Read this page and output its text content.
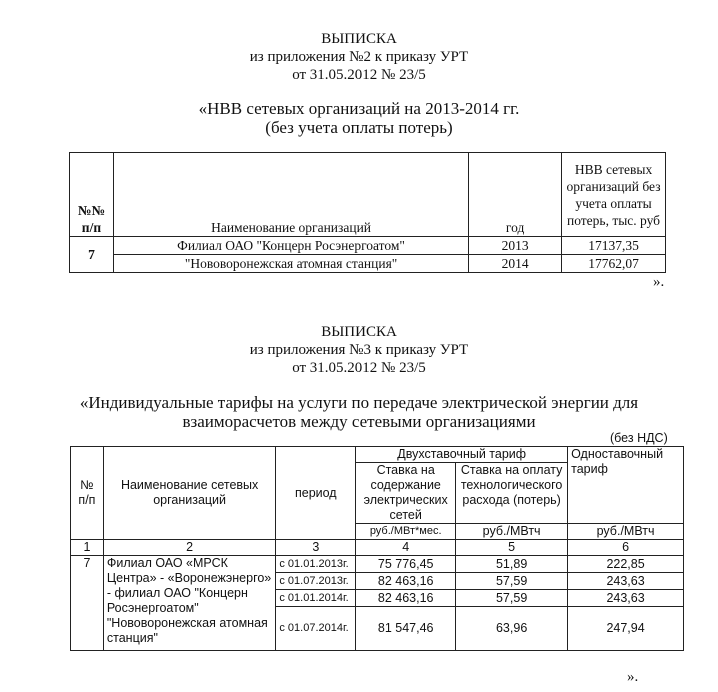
ВЫПИСКА
из приложения №2 к приказу УРТ
от 31.05.2012 № 23/5
«НВВ сетевых организаций на 2013-2014 гг.
(без учета оплаты потерь)
№№ п/п	Наименование организаций	год	НВВ сетевых организаций без учета оплаты потерь, тыс. руб
7	Филиал ОАО "Концерн Росэнергоатом"	2013	17137,35
	"Нововоронежская атомная станция"	2014	17762,07
».
ВЫПИСКА
из приложения №3 к приказу УРТ
от 31.05.2012 № 23/5
«Индивидуальные тарифы на услуги по передаче электрической энергии для
взаиморасчетов между сетевыми организациями
(без НДС)
№ п/п	Наименование сетевых организаций	период	Двухставочный тариф		Одноставочный тариф
			Ставка на содержание электрических сетей	Ставка на оплату технологического расхода (потерь)	
			руб./МВт*мес.	руб./МВтч	руб./МВтч
1	2	3	4	5	6
7	Филиал ОАО «МРСК Центра» - «Воронежэнерго» - филиал ОАО "Концерн Росэнергоатом" "Нововоронежская атомная станция"	с 01.01.2013г.	75 776,45	51,89	222,85
		с 01.07.2013г.	82 463,16	57,59	243,63
		с 01.01.2014г.	82 463,16	57,59	243,63
		с 01.07.2014г.	81 547,46	63,96	247,94
».
